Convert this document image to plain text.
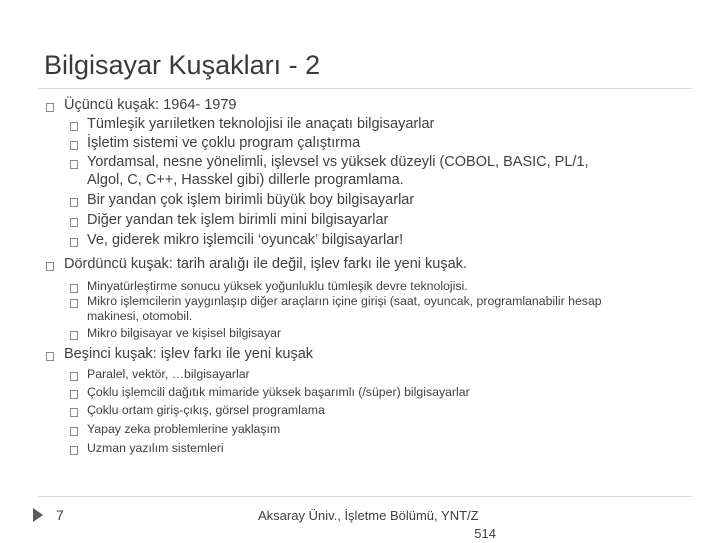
Bilgisayar Kuşakları - 2
Üçüncü kuşak: 1964- 1979
Tümleşik yarıiletken teknolojisi ile anaçatı bilgisayarlar
İşletim sistemi ve çoklu program çalıştırma
Yordamsal, nesne yönelimli, işlevsel vs yüksek düzeyli (COBOL, BASIC, PL/1,
Algol, C, C++, Hasskel gibi) dillerle programlama.
Bir yandan çok işlem birimli büyük boy bilgisayarlar
Diğer yandan tek işlem birimli mini bilgisayarlar
Ve, giderek mikro işlemcili ‘oyuncak’ bilgisayarlar!
Dördüncü kuşak: tarih aralığı ile değil, işlev farkı ile yeni kuşak.
Minyatürleştirme sonucu yüksek yoğunluklu tümleşik devre teknolojisi.
Mikro işlemcilerin yaygınlaşıp diğer araçların içine girişi (saat, oyuncak, programlanabilir hesap
makinesi, otomobil.
Mikro bilgisayar ve kişisel bilgisayar
Beşinci kuşak: işlev farkı ile yeni kuşak
Paralel, vektör, …bilgisayarlar
Çoklu işlemcili dağıtık mimaride yüksek başarımlı (/süper) bilgisayarlar
Çoklu ortam giriş-çıkış, görsel programlama
Yapay zeka problemlerine yaklaşım
Uzman yazılım sistemleri
7	Aksaray Üniv., İşletme Bölümü, YNT/Z
514
